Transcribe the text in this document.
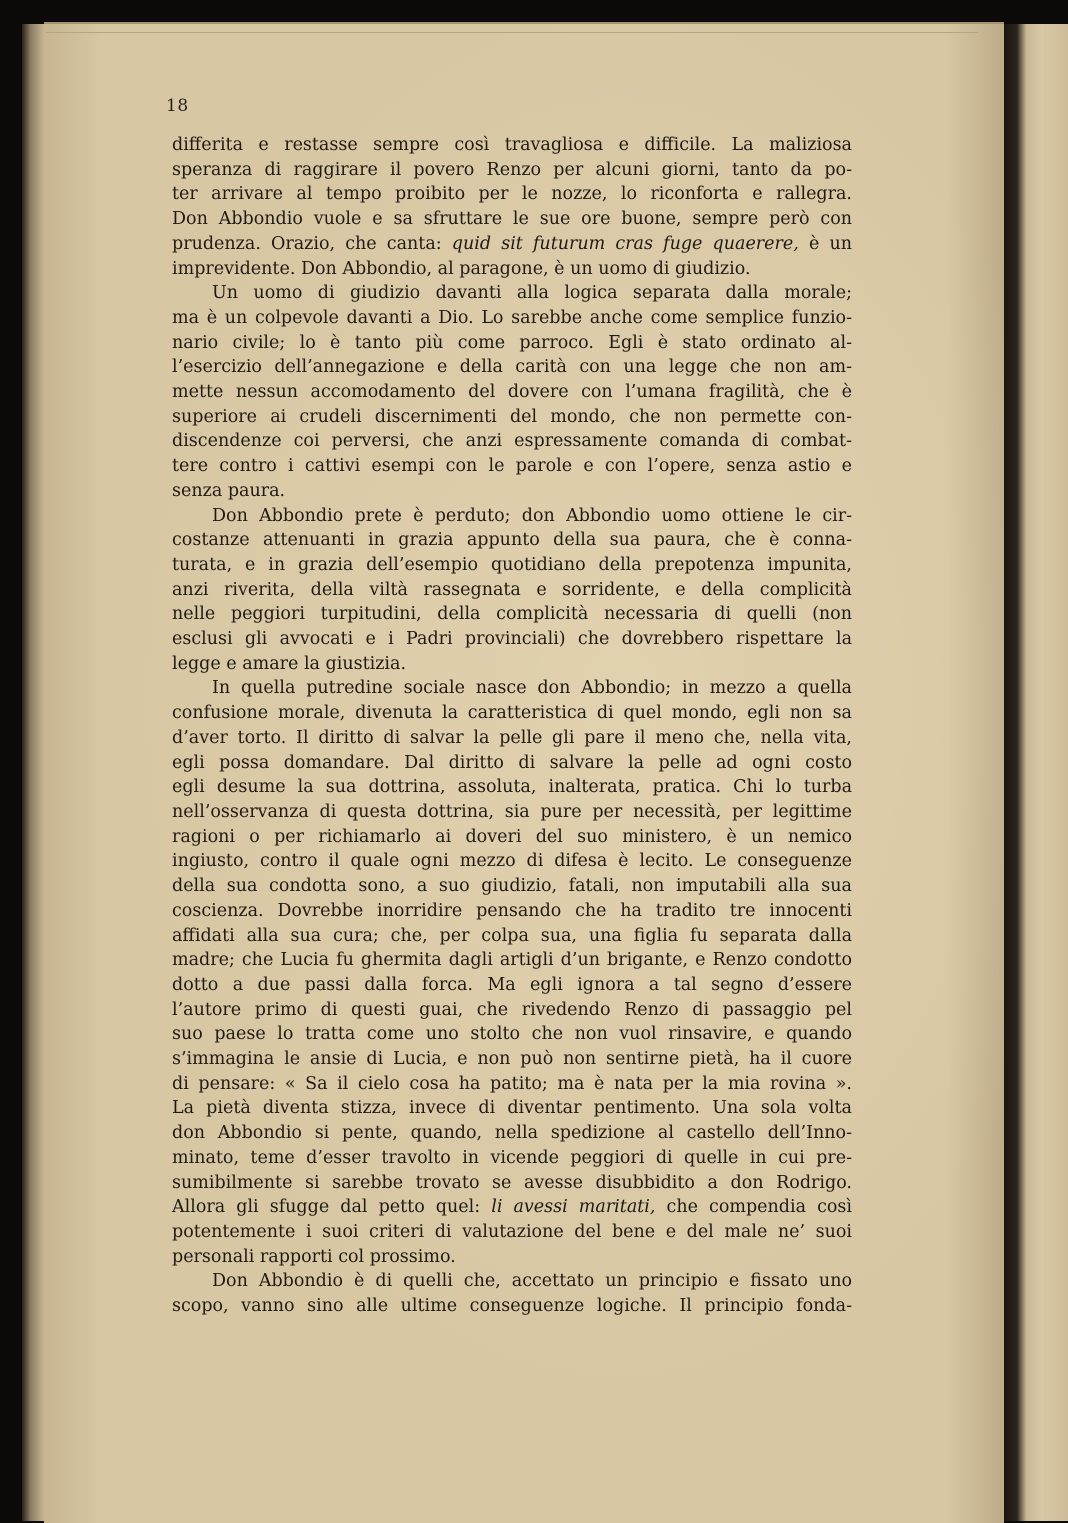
18
differita e restasse sempre così travagliosa e difficile. La maliziosa
speranza di raggirare il povero Renzo per alcuni giorni, tanto da po-
ter arrivare al tempo proibito per le nozze, lo riconforta e rallegra.
Don Abbondio vuole e sa sfruttare le sue ore buone, sempre però con
prudenza. Orazio, che canta: quid sit futurum cras fuge quaerere, è un
imprevidente. Don Abbondio, al paragone, è un uomo di giudizio.
Un uomo di giudizio davanti alla logica separata dalla morale;
ma è un colpevole davanti a Dio. Lo sarebbe anche come semplice funzio-
nario civile; lo è tanto più come parroco. Egli è stato ordinato al-
l’esercizio dell’annegazione e della carità con una legge che non am-
mette nessun accomodamento del dovere con l’umana fragilità, che è
superiore ai crudeli discernimenti del mondo, che non permette con-
discendenze coi perversi, che anzi espressamente comanda di combat-
tere contro i cattivi esempi con le parole e con l’opere, senza astio e
senza paura.
Don Abbondio prete è perduto; don Abbondio uomo ottiene le cir-
costanze attenuanti in grazia appunto della sua paura, che è conna-
turata, e in grazia dell’esempio quotidiano della prepotenza impunita,
anzi riverita, della viltà rassegnata e sorridente, e della complicità
nelle peggiori turpitudini, della complicità necessaria di quelli (non
esclusi gli avvocati e i Padri provinciali) che dovrebbero rispettare la
legge e amare la giustizia.
In quella putredine sociale nasce don Abbondio; in mezzo a quella
confusione morale, divenuta la caratteristica di quel mondo, egli non sa
d’aver torto. Il diritto di salvar la pelle gli pare il meno che, nella vita,
egli possa domandare. Dal diritto di salvare la pelle ad ogni costo
egli desume la sua dottrina, assoluta, inalterata, pratica. Chi lo turba
nell’osservanza di questa dottrina, sia pure per necessità, per legittime
ragioni o per richiamarlo ai doveri del suo ministero, è un nemico
ingiusto, contro il quale ogni mezzo di difesa è lecito. Le conseguenze
della sua condotta sono, a suo giudizio, fatali, non imputabili alla sua
coscienza. Dovrebbe inorridire pensando che ha tradito tre innocenti
affidati alla sua cura; che, per colpa sua, una figlia fu separata dalla
madre; che Lucia fu ghermita dagli artigli d’un brigante, e Renzo condotto
dotto a due passi dalla forca. Ma egli ignora a tal segno d’essere
l’autore primo di questi guai, che rivedendo Renzo di passaggio pel
suo paese lo tratta come uno stolto che non vuol rinsavire, e quando
s’immagina le ansie di Lucia, e non può non sentirne pietà, ha il cuore
di pensare: « Sa il cielo cosa ha patito; ma è nata per la mia rovina ».
La pietà diventa stizza, invece di diventar pentimento. Una sola volta
don Abbondio si pente, quando, nella spedizione al castello dell’Inno-
minato, teme d’esser travolto in vicende peggiori di quelle in cui pre-
sumibilmente si sarebbe trovato se avesse disubbidito a don Rodrigo.
Allora gli sfugge dal petto quel: li avessi maritati, che compendia così
potentemente i suoi criteri di valutazione del bene e del male ne’ suoi
personali rapporti col prossimo.
Don Abbondio è di quelli che, accettato un principio e fissato uno
scopo, vanno sino alle ultime conseguenze logiche. Il principio fonda-
